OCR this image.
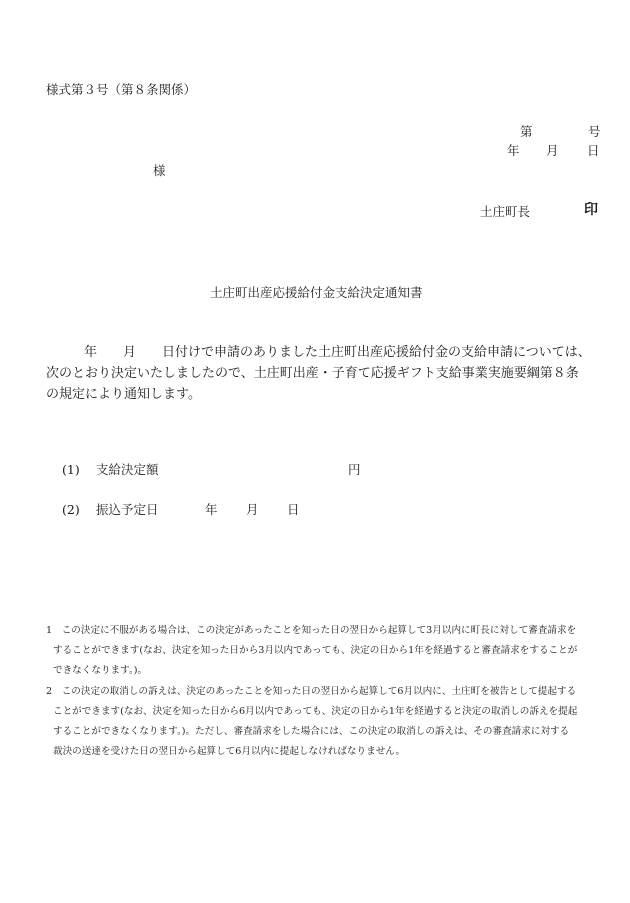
様式第３号（第８条関係）
第	号
年 月 日
様
土庄町長	印
土庄町出産応援給付金支給決定通知書
年 月 日付けで申請のありました土庄町出産応援給付金の支給申請については、
次のとおり決定いたしましたので、土庄町出産・子育て応援ギフト支給事業実施要綱第８条
の規定により通知します。
(1) 支給決定額	円
(2) 振込予定日	年 月 日
1　この決定に不服がある場合は、この決定があったことを知った日の翌日から起算して3月以内に町長に対して審査請求を
することができます(なお、決定を知った日から3月以内であっても、決定の日から1年を経過すると審査請求をすることが
できなくなります。)。
2　この決定の取消しの訴えは、決定のあったことを知った日の翌日から起算して6月以内に、土庄町を被告として提起する
ことができます(なお、決定を知った日から6月以内であっても、決定の日から1年を経過すると決定の取消しの訴えを提起
することができなくなります。)。ただし、審査請求をした場合には、この決定の取消しの訴えは、その審査請求に対する
裁決の送達を受けた日の翌日から起算して6月以内に提起しなければなりません。
